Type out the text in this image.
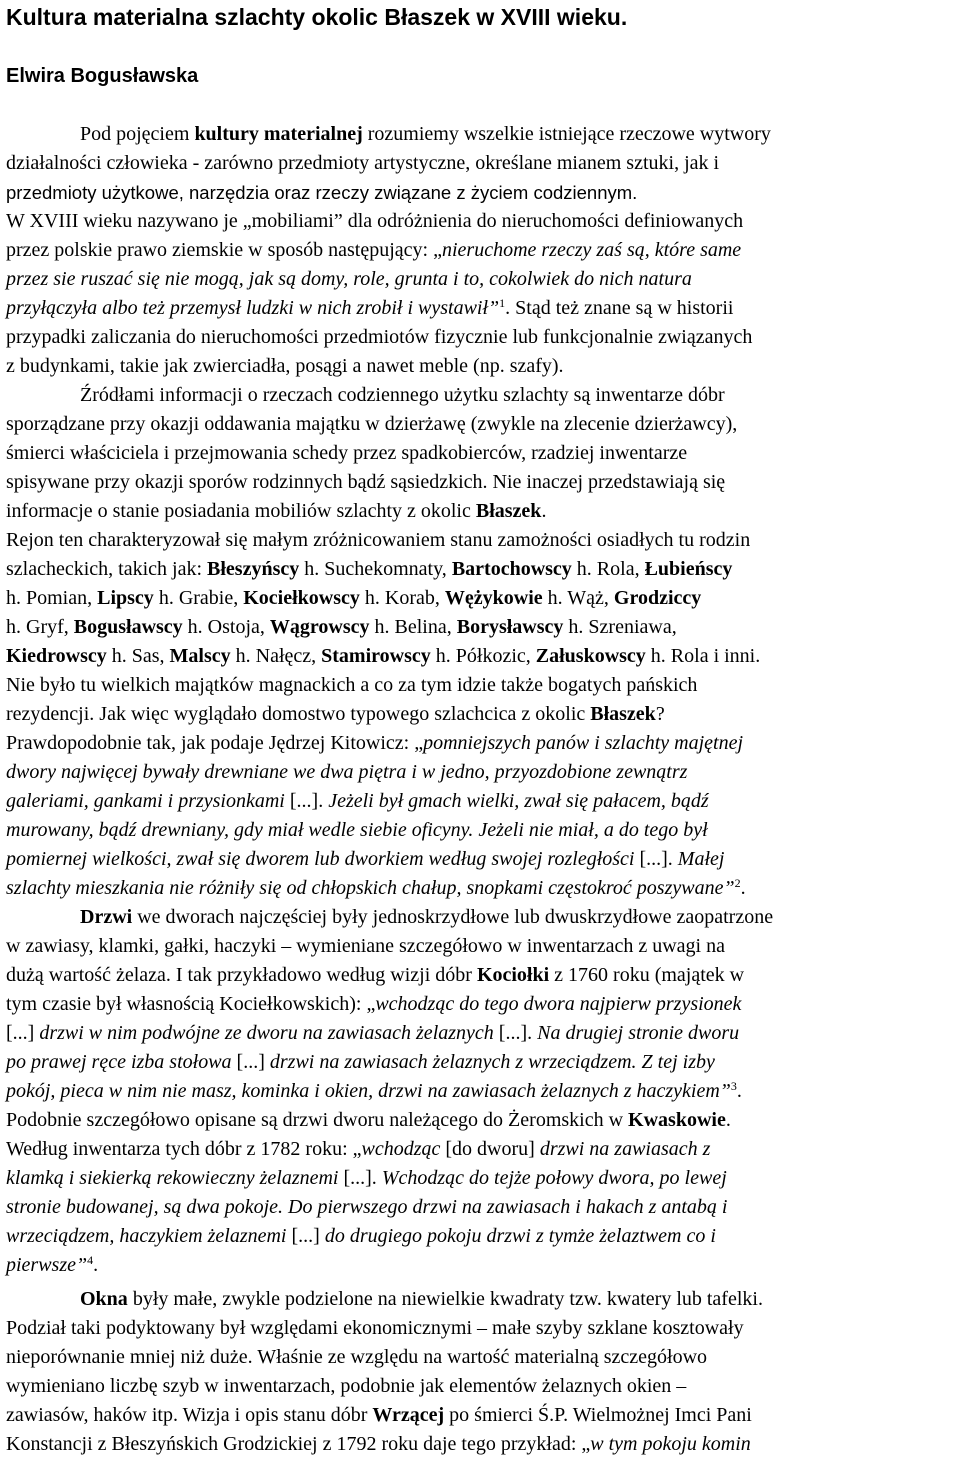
Kultura materialna szlachty okolic Błaszek w XVIII wieku.
Elwira Bogusławska

Pod pojęciem kultury materialnej rozumiemy wszelkie istniejące rzeczowe wytwory

działalności człowieka - zarówno przedmioty artystyczne, określane mianem sztuki, jak i

przedmioty użytkowe, narzędzia oraz rzeczy związane z życiem codziennym.

W XVIII wieku nazywano je „mobiliami” dla odróżnienia do nieruchomości definiowanych

przez polskie prawo ziemskie w sposób następujący: „nieruchome rzeczy zaś są, które same

przez sie ruszać się nie mogą, jak są domy, role, grunta i to, cokolwiek do nich natura

przyłączyła albo też przemysł ludzki w nich zrobił i wystawił”$^1$. Stąd też znane są w historii

przypadki zaliczania do nieruchomości przedmiotów fizycznie lub funkcjonalnie związanych

z budynkami, takie jak zwierciadła, posągi a nawet meble (np. szafy).

Źródłami informacji o rzeczach codziennego użytku szlachty są inwentarze dóbr

sporządzane przy okazji oddawania majątku w dzierżawę (zwykle na zlecenie dzierżawcy),

śmierci właściciela i przejmowania schedy przez spadkobierców, rzadziej inwentarze

spisywane przy okazji sporów rodzinnych bądź sąsiedzkich. Nie inaczej przedstawiają się

informacje o stanie posiadania mobiliów szlachty z okolic Błaszek.

Rejon ten charakteryzował się małym zróżnicowaniem stanu zamożności osiadłych tu rodzin

szlacheckich, takich jak: Błeszyńscy h. Suchekomnaty, Bartochowscy h. Rola, Łubieńscy

h. Pomian, Lipscy h. Grabie, Kociełkowscy h. Korab, Wężykowie h. Wąż, Grodziccy

h. Gryf, Bogusławscy h. Ostoja, Wągrowscy h. Belina, Borysławscy h. Szreniawa,

Kiedrowscy h. Sas, Malscy h. Nałęcz, Stamirowscy h. Półkozic, Załuskowscy h. Rola i inni.

Nie było tu wielkich majątków magnackich a co za tym idzie także bogatych pańskich

rezydencji. Jak więc wyglądało domostwo typowego szlachcica z okolic Błaszek?

Prawdopodobnie tak, jak podaje Jędrzej Kitowicz: „pomniejszych panów i szlachty majętnej

dwory najwięcej bywały drewniane we dwa piętra i w jedno, przyozdobione zewnątrz

galeriami, gankami i przysionkami [...]. Jeżeli był gmach wielki, zwał się pałacem, bądź

murowany, bądź drewniany, gdy miał wedle siebie oficyny. Jeżeli nie miał, a do tego był

pomiernej wielkości, zwał się dworem lub dworkiem według swojej rozległości [...]. Małej

szlachty mieszkania nie różniły się od chłopskich chałup, snopkami częstokroć poszywane”$^2$.

Drzwi we dworach najczęściej były jednoskrzydłowe lub dwuskrzydłowe zaopatrzone

w zawiasy, klamki, gałki, haczyki – wymieniane szczegółowo w inwentarzach z uwagi na

dużą wartość żelaza. I tak przykładowo według wizji dóbr Kociołki z 1760 roku (majątek w

tym czasie był własnością Kociełkowskich): „wchodząc do tego dwora najpierw przysionek

[...] drzwi w nim podwójne ze dworu na zawiasach żelaznych [...]. Na drugiej stronie dworu

po prawej ręce izba stołowa [...] drzwi na zawiasach żelaznych z wrzeciądzem. Z tej izby

pokój, pieca w nim nie masz, kominka i okien, drzwi na zawiasach żelaznych z haczykiem”$^3$.

Podobnie szczegółowo opisane są drzwi dworu należącego do Żeromskich w Kwaskowie.

Według inwentarza tych dóbr z 1782 roku: „wchodząc [do dworu] drzwi na zawiasach z

klamką i siekierką rekowieczny żelaznemi [...]. Wchodząc do tejże połowy dwora, po lewej

stronie budowanej, są dwa pokoje. Do pierwszego drzwi na zawiasach i hakach z antabą i

wrzeciądzem, haczykiem żelaznemi [...] do drugiego pokoju drzwi z tymże żelaztwem co i

pierwsze”$^4$.

Okna były małe, zwykle podzielone na niewielkie kwadraty tzw. kwatery lub tafelki.

Podział taki podyktowany był względami ekonomicznymi – małe szyby szklane kosztowały

nieporównanie mniej niż duże. Właśnie ze względu na wartość materialną szczegółowo

wymieniano liczbę szyb w inwentarzach, podobnie jak elementów żelaznych okien –

zawiasów, haków itp. Wizja i opis stanu dóbr Wrzącej po śmierci Ś.P. Wielmożnej Imci Pani

Konstancji z Błeszyńskich Grodzickiej z 1792 roku daje tego przykład: „w tym pokoju komin
